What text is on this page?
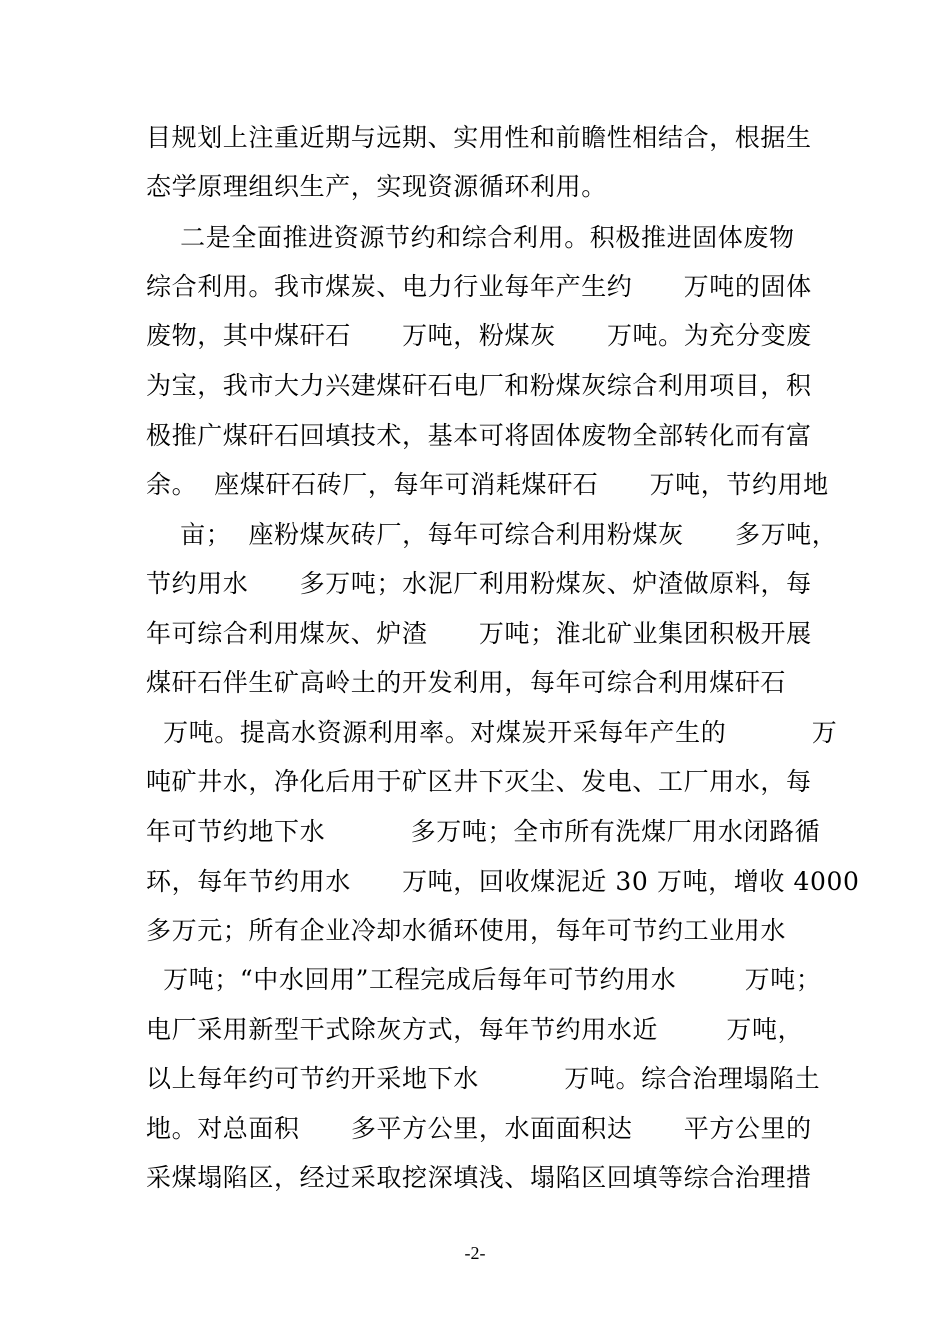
目规划上注重近期与远期、实用性和前瞻性相结合，根据生
态学原理组织生产，实现资源循环利用。
二是全面推进资源节约和综合利用。积极推进固体废物
综合利用。我市煤炭、电力行业每年产生约      万吨的固体
废物，其中煤矸石      万吨，粉煤灰      万吨。为充分变废
为宝，我市大力兴建煤矸石电厂和粉煤灰综合利用项目，积
极推广煤矸石回填技术，基本可将固体废物全部转化而有富
余。  座煤矸石砖厂，每年可消耗煤矸石      万吨，节约用地
亩；  座粉煤灰砖厂，每年可综合利用粉煤灰      多万吨，
节约用水      多万吨；水泥厂利用粉煤灰、炉渣做原料，每
年可综合利用煤灰、炉渣      万吨；淮北矿业集团积极开展
煤矸石伴生矿高岭土的开发利用，每年可综合利用煤矸石
万吨。提高水资源利用率。对煤炭开采每年产生的          万
吨矿井水，净化后用于矿区井下灭尘、发电、工厂用水，每
年可节约地下水          多万吨；全市所有洗煤厂用水闭路循
环，每年节约用水      万吨，回收煤泥近 30 万吨，增收 4000
多万元；所有企业冷却水循环使用，每年可节约工业用水
万吨；“中水回用”工程完成后每年可节约用水        万吨；
电厂采用新型干式除灰方式，每年节约用水近        万吨，
以上每年约可节约开采地下水          万吨。综合治理塌陷土
地。对总面积      多平方公里，水面面积达      平方公里的
采煤塌陷区，经过采取挖深填浅、塌陷区回填等综合治理措
-2-
